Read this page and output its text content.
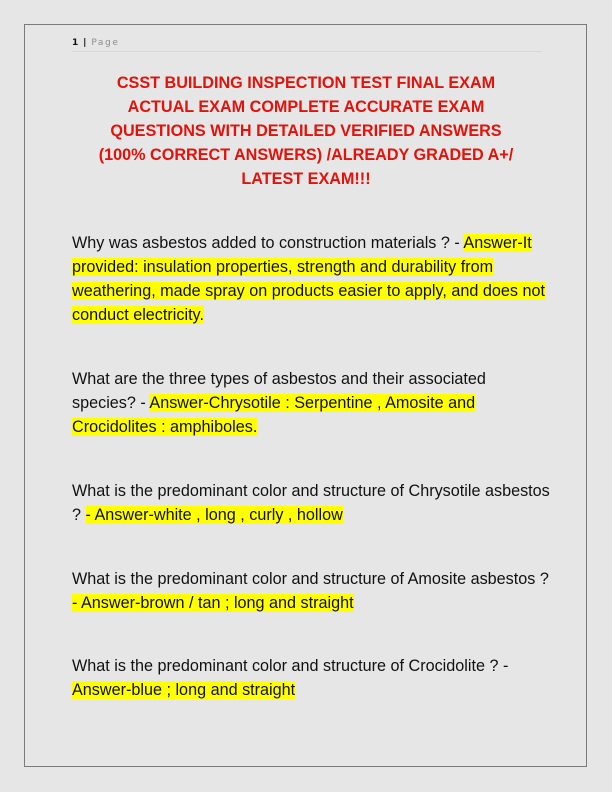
1 | Page
CSST BUILDING INSPECTION TEST FINAL EXAM
ACTUAL EXAM COMPLETE ACCURATE EXAM
QUESTIONS WITH DETAILED VERIFIED ANSWERS
(100% CORRECT ANSWERS) /ALREADY GRADED A+/
LATEST EXAM!!!
Why was asbestos added to construction materials ? - Answer-It provided: insulation properties, strength and durability from weathering, made spray on products easier to apply, and does not conduct electricity.
What are the three types of asbestos and their associated species? - Answer-Chrysotile : Serpentine , Amosite and Crocidolites : amphiboles.
What is the predominant color and structure of Chrysotile asbestos ? - Answer-white , long , curly , hollow
What is the predominant color and structure of Amosite asbestos ? - Answer-brown / tan ; long and straight
What is the predominant color and structure of Crocidolite ? - Answer-blue ; long and straight
